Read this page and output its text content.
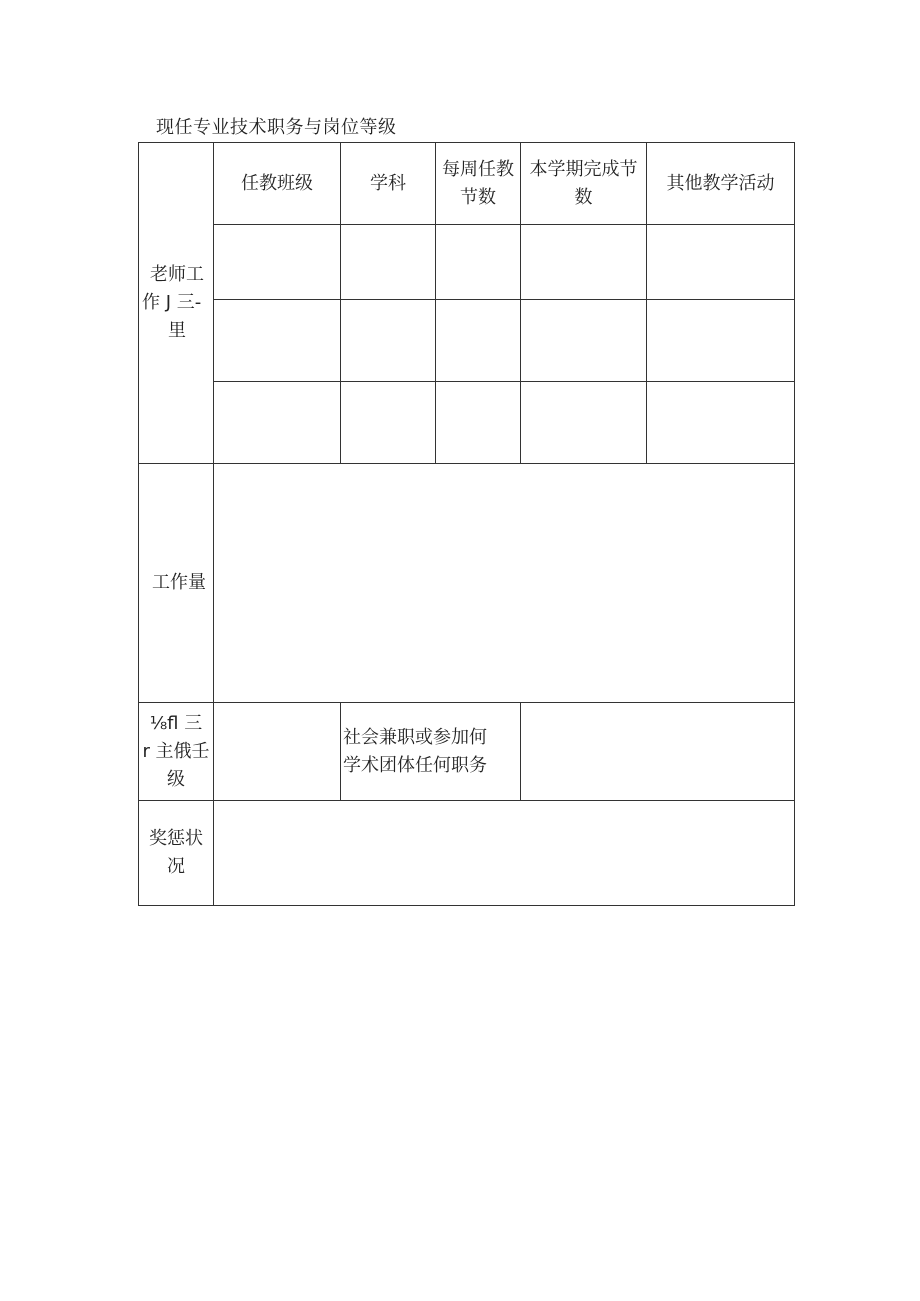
现任专业技术职务与岗位等级
老师工
作 J 三-
里
任教班级	学科
每周任教
节数
本学期完成节
数
其他教学活动
工作量
⅛fl 三
r 主俄壬
级
社会兼职或参加何
学术团体任何职务
奖惩状
况
